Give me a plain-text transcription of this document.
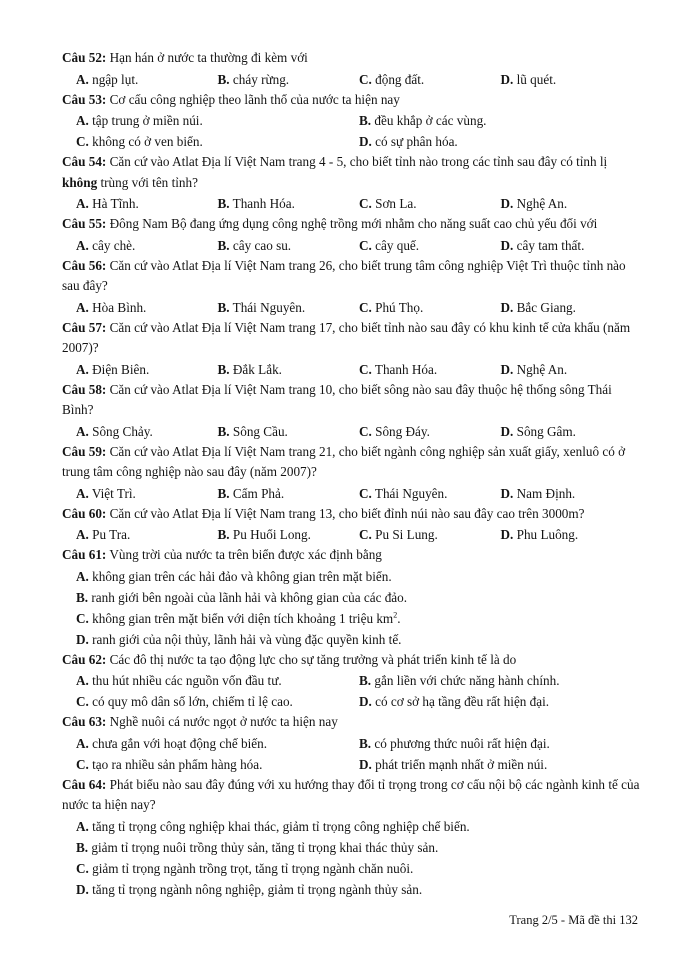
Câu 52: Hạn hán ở nước ta thường đi kèm với

A. ngập lụt.	B. cháy rừng.	C. động đất.	D. lũ quét.

Câu 53: Cơ cấu công nghiệp theo lãnh thổ của nước ta hiện nay

A. tập trung ở miền núi.	B. đều khắp ở các vùng.
C. không có ở ven biển.	D. có sự phân hóa.

Câu 54: Căn cứ vào Atlat Địa lí Việt Nam trang 4 - 5, cho biết tỉnh nào trong các tỉnh sau đây có tỉnh lị không trùng với tên tỉnh?

A. Hà Tĩnh.	B. Thanh Hóa.	C. Sơn La.	D. Nghệ An.

Câu 55: Đông Nam Bộ đang ứng dụng công nghệ trồng mới nhằm cho năng suất cao chủ yếu đối với

A. cây chè.	B. cây cao su.	C. cây quế.	D. cây tam thất.

Câu 56: Căn cứ vào Atlat Địa lí Việt Nam trang 26, cho biết trung tâm công nghiệp Việt Trì thuộc tỉnh nào sau đây?

A. Hòa Bình.	B. Thái Nguyên.	C. Phú Thọ.	D. Bắc Giang.

Câu 57: Căn cứ vào Atlat Địa lí Việt Nam trang 17, cho biết tỉnh nào sau đây có khu kinh tế cửa khẩu (năm 2007)?

A. Điện Biên.	B. Đắk Lắk.	C. Thanh Hóa.	D. Nghệ An.

Câu 58: Căn cứ vào Atlat Địa lí Việt Nam trang 10, cho biết sông nào sau đây thuộc hệ thống sông Thái Bình?

A. Sông Chảy.	B. Sông Cầu.	C. Sông Đáy.	D. Sông Gâm.

Câu 59: Căn cứ vào Atlat Địa lí Việt Nam trang 21, cho biết ngành công nghiệp sản xuất giấy, xenluô có ở trung tâm công nghiệp nào sau đây (năm 2007)?

A. Việt Trì.	B. Cẩm Phả.	C. Thái Nguyên.	D. Nam Định.

Câu 60: Căn cứ vào Atlat Địa lí Việt Nam trang 13, cho biết đỉnh núi nào sau đây cao trên 3000m?

A. Pu Tra.	B. Pu Huổi Long.	C. Pu Si Lung.	D. Phu Luông.

Câu 61: Vùng trời của nước ta trên biển được xác định bằng

A. không gian trên các hải đảo và không gian trên mặt biển.
B. ranh giới bên ngoài của lãnh hải và không gian của các đảo.
C. không gian trên mặt biển với diện tích khoảng 1 triệu $km^2$.
D. ranh giới của nội thủy, lãnh hải và vùng đặc quyền kinh tế.

Câu 62: Các đô thị nước ta tạo động lực cho sự tăng trưởng và phát triển kinh tế là do

A. thu hút nhiều các nguồn vốn đầu tư.	B. gắn liền với chức năng hành chính.
C. có quy mô dân số lớn, chiếm tỉ lệ cao.	D. có cơ sở hạ tầng đều rất hiện đại.

Câu 63: Nghề nuôi cá nước ngọt ở nước ta hiện nay

A. chưa gắn với hoạt động chế biến.	B. có phương thức nuôi rất hiện đại.
C. tạo ra nhiều sản phẩm hàng hóa.	D. phát triển mạnh nhất ở miền núi.

Câu 64: Phát biểu nào sau đây đúng với xu hướng thay đổi tỉ trọng trong cơ cấu nội bộ các ngành kinh tế của nước ta hiện nay?

A. tăng tỉ trọng công nghiệp khai thác, giảm tỉ trọng công nghiệp chế biến.
B. giảm tỉ trọng nuôi trồng thủy sản, tăng tỉ trọng khai thác thủy sản.
C. giảm tỉ trọng ngành trồng trọt, tăng tỉ trọng ngành chăn nuôi.
D. tăng tỉ trọng ngành nông nghiệp, giảm tỉ trọng ngành thủy sản.
Trang 2/5 - Mã đề thi 132
